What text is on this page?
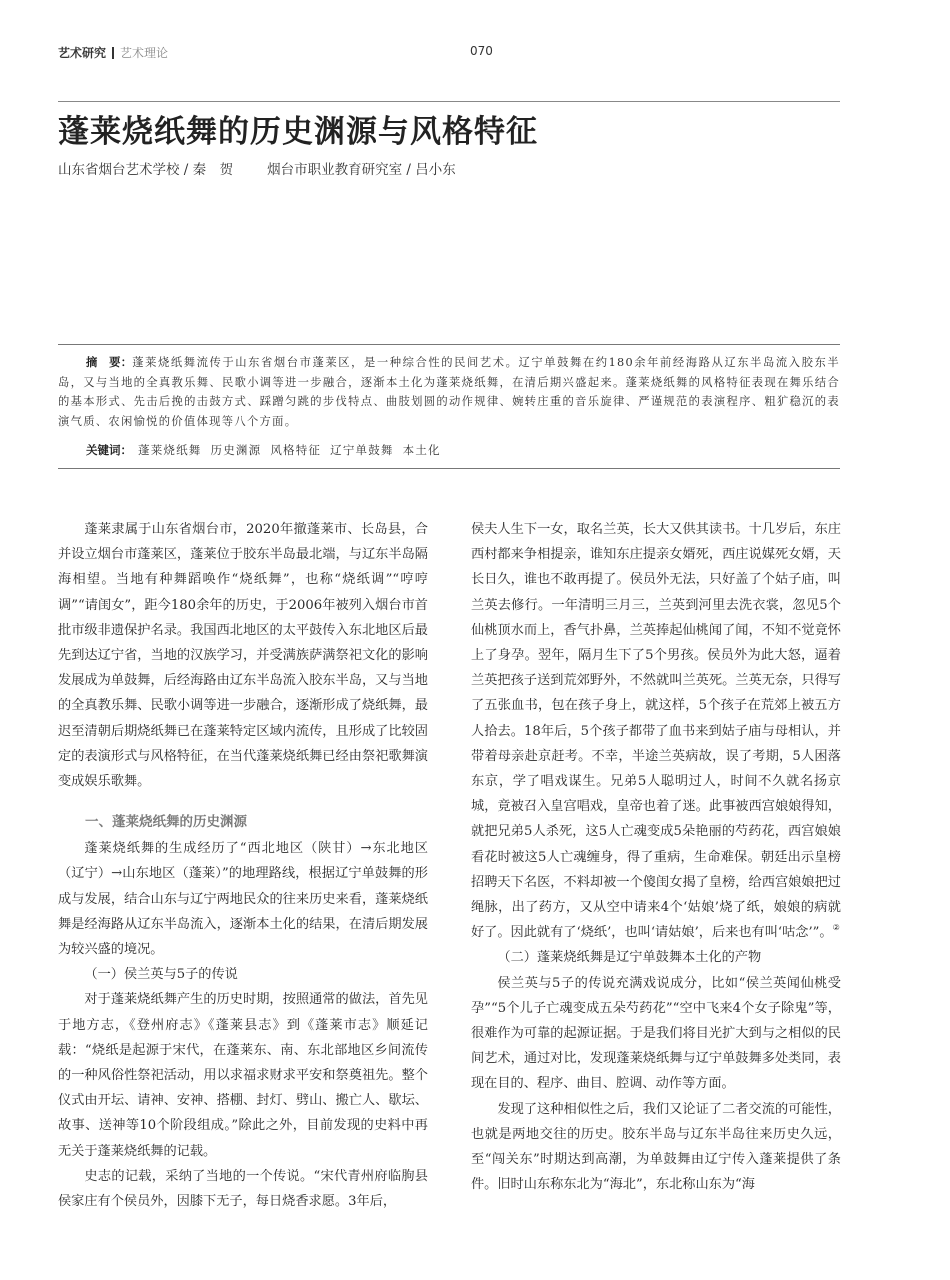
艺术研究 艺术理论	070
蓬莱烧纸舞的历史渊源与风格特征
山东省烟台艺术学校 / 秦　贺	烟台市职业教育研究室 / 吕小东
摘　要：蓬莱烧纸舞流传于山东省烟台市蓬莱区，是一种综合性的民间艺术。辽宁单鼓舞在约180余年前经海路从辽东半岛流入胶东半岛，又与当地的全真教乐舞、民歌小调等进一步融合，逐渐本土化为蓬莱烧纸舞，在清后期兴盛起来。蓬莱烧纸舞的风格特征表现在舞乐结合的基本形式、先击后挽的击鼓方式、踩蹭匀跳的步伐特点、曲肢划圆的动作规律、婉转庄重的音乐旋律、严谨规范的表演程序、粗犷稳沉的表演气质、农闲愉悦的价值体现等八个方面。
关键词： 蓬莱烧纸舞 历史渊源 风格特征 辽宁单鼓舞 本土化

蓬莱隶属于山东省烟台市，2020年撤蓬莱市、长岛县，合并设立烟台市蓬莱区，蓬莱位于胶东半岛最北端，与辽东半岛隔海相望。当地有种舞蹈唤作“烧纸舞”，也称“烧纸调”“哼哼调”“请闺女”，距今180余年的历史，于2006年被列入烟台市首批市级非遗保护名录。我国西北地区的太平鼓传入东北地区后最先到达辽宁省，当地的汉族学习，并受满族萨满祭祀文化的影响发展成为单鼓舞，后经海路由辽东半岛流入胶东半岛，又与当地的全真教乐舞、民歌小调等进一步融合，逐渐形成了烧纸舞，最迟至清朝后期烧纸舞已在蓬莱特定区域内流传，且形成了比较固定的表演形式与风格特征，在当代蓬莱烧纸舞已经由祭祀歌舞演变成娱乐歌舞。

一、蓬莱烧纸舞的历史渊源

蓬莱烧纸舞的生成经历了“西北地区（陕甘）→东北地区（辽宁）→山东地区（蓬莱）”的地理路线，根据辽宁单鼓舞的形成与发展，结合山东与辽宁两地民众的往来历史来看，蓬莱烧纸舞是经海路从辽东半岛流入，逐渐本土化的结果，在清后期发展为较兴盛的境况。

（一）侯兰英与5子的传说

对于蓬莱烧纸舞产生的历史时期，按照通常的做法，首先见于地方志，《登州府志》《蓬莱县志》到《蓬莱市志》顺延记载：“烧纸是起源于宋代，在蓬莱东、南、东北部地区乡间流传的一种风俗性祭祀活动，用以求福求财求平安和祭奠祖先。整个仪式由开坛、请神、安神、搭棚、封灯、劈山、搬亡人、歇坛、故事、送神等10个阶段组成。”除此之外，目前发现的史料中再无关于蓬莱烧纸舞的记载。

史志的记载，采纳了当地的一个传说。“宋代青州府临朐县侯家庄有个侯员外，因膝下无子，每日烧香求愿。3年后，

侯夫人生下一女，取名兰英，长大又供其读书。十几岁后，东庄西村都来争相提亲，谁知东庄提亲女婿死，西庄说媒死女婿，天长日久，谁也不敢再提了。侯员外无法，只好盖了个姑子庙，叫兰英去修行。一年清明三月三，兰英到河里去洗衣裳，忽见5个仙桃顶水而上，香气扑鼻，兰英捧起仙桃闻了闻，不知不觉竟怀上了身孕。翌年，隔月生下了5个男孩。侯员外为此大怒，逼着兰英把孩子送到荒郊野外，不然就叫兰英死。兰英无奈，只得写了五张血书，包在孩子身上，就这样，5个孩子在荒郊上被五方人拾去。18年后，5个孩子都带了血书来到姑子庙与母相认，并带着母亲赴京赶考。不幸，半途兰英病故，误了考期，5人困落东京，学了唱戏谋生。兄弟5人聪明过人，时间不久就名扬京城，竟被召入皇宫唱戏，皇帝也着了迷。此事被西宫娘娘得知，就把兄弟5人杀死，这5人亡魂变成5朵艳丽的芍药花，西宫娘娘看花时被这5人亡魂缠身，得了重病，生命难保。朝廷出示皇榜招聘天下名医，不料却被一个傻闺女揭了皇榜，给西宫娘娘把过绳脉，出了药方，又从空中请来4个‘姑娘’烧了纸，娘娘的病就好了。因此就有了‘烧纸’，也叫‘请姑娘’，后来也有叫‘咕念’”。②

（二）蓬莱烧纸舞是辽宁单鼓舞本土化的产物

侯兰英与5子的传说充满戏说成分，比如“侯兰英闻仙桃受孕”“5个儿子亡魂变成五朵芍药花”“空中飞来4个女子除鬼”等，很难作为可靠的起源证据。于是我们将目光扩大到与之相似的民间艺术，通过对比，发现蓬莱烧纸舞与辽宁单鼓舞多处类同，表现在目的、程序、曲目、腔调、动作等方面。

发现了这种相似性之后，我们又论证了二者交流的可能性，也就是两地交往的历史。胶东半岛与辽东半岛往来历史久远，至“闯关东”时期达到高潮，为单鼓舞由辽宁传入蓬莱提供了条件。旧时山东称东北为“海北”，东北称山东为“海
